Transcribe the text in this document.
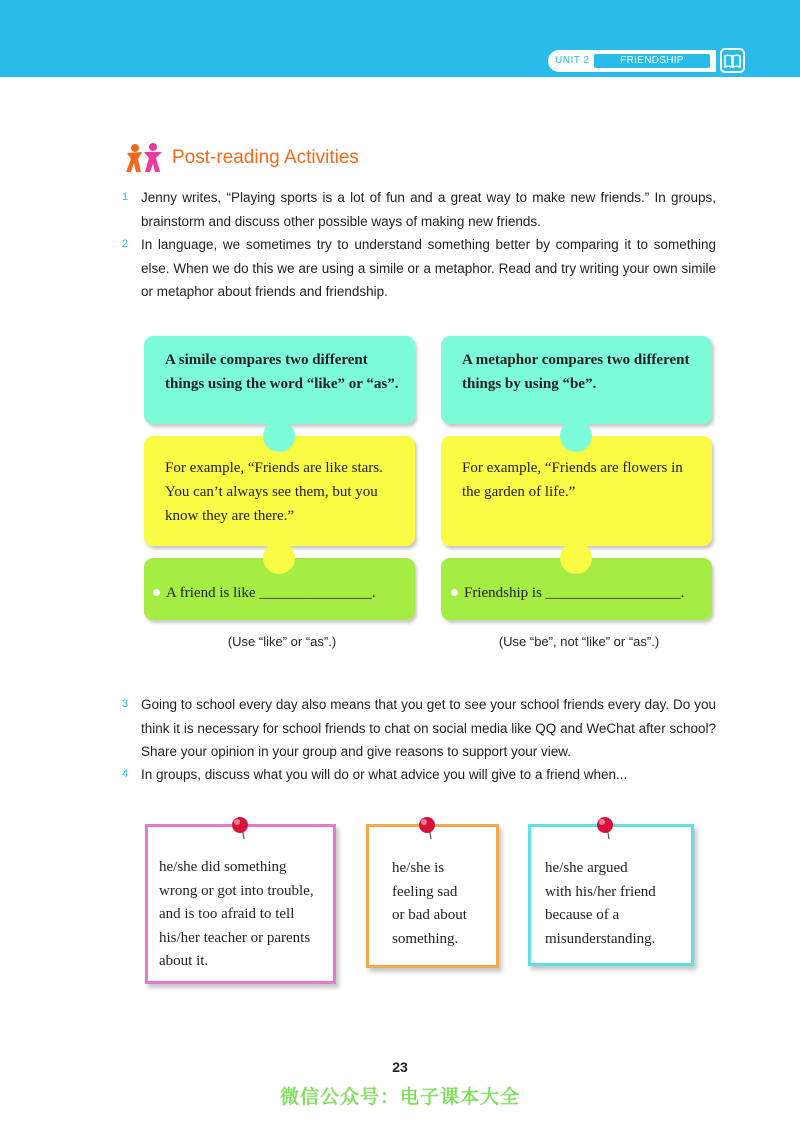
UNIT 2	FRIENDSHIP
Post-reading Activities
1 Jenny writes, “Playing sports is a lot of fun and a great way to make new friends.” In groups, brainstorm and discuss other possible ways of making new friends.
2 In language, we sometimes try to understand something better by comparing it to something else. When we do this we are using a simile or a metaphor. Read and try writing your own simile or metaphor about friends and friendship.
A simile compares two different
things using the word “like” or “as”.
For example, “Friends are like stars.
You can’t always see them, but you
know they are there.”
A friend is like _______________.
(Use “like” or “as”.)
A metaphor compares two different
things by using “be”.
For example, “Friends are flowers in
the garden of life.”
Friendship is __________________.
(Use “be”, not “like” or “as”.)
3 Going to school every day also means that you get to see your school friends every day. Do you think it is necessary for school friends to chat on social media like QQ and WeChat after school? Share your opinion in your group and give reasons to support your view.
4 In groups, discuss what you will do or what advice you will give to a friend when...
he/she did something
wrong or got into trouble,
and is too afraid to tell
his/her teacher or parents
about it.
he/she is
feeling sad
or bad about
something.
he/she argued
with his/her friend
because of a
misunderstanding.
23
微信公众号：电子课本大全
